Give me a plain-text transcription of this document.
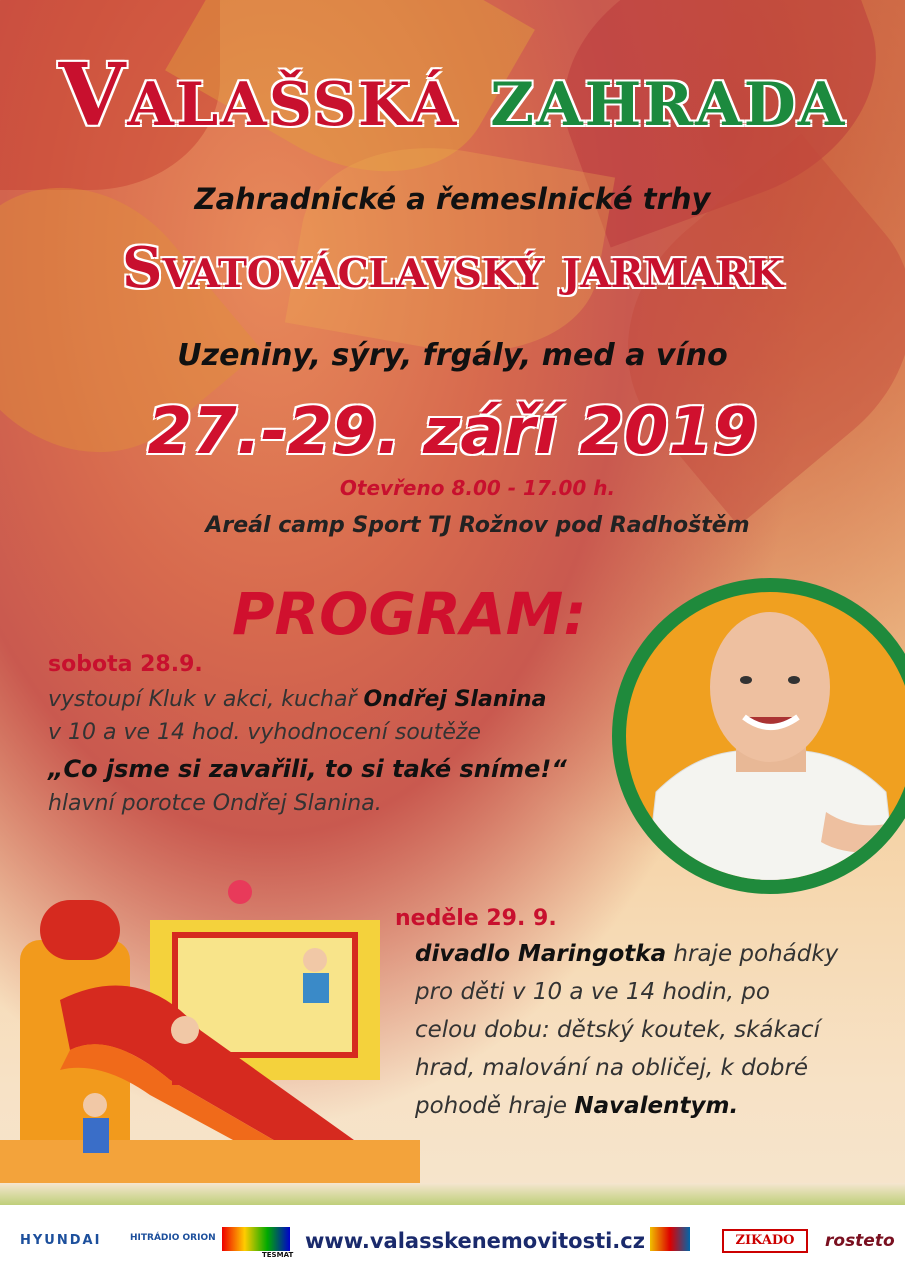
Valašská zahrada
Zahradnické a řemeslnické trhy
Svatováclavský jarmark
Uzeniny, sýry, frgály, med a víno
27.-29. září 2019
Otevřeno 8.00 - 17.00 h.
Areál camp Sport TJ Rožnov pod Radhoštěm
PROGRAM:
sobota 28.9.
vystoupí Kluk v akci, kuchař Ondřej Slanina
v 10 a ve 14 hod. vyhodnocení soutěže
„Co jsme si zavařili, to si také sníme!“
hlavní porotce Ondřej Slanina.
neděle 29. 9.
divadlo Maringotka hraje pohádky
pro děti v 10 a ve 14 hodin, po
celou dobu: dětský koutek, skákací
hrad, malování na obličej, k dobré
pohodě hraje Navalentym.
HYUNDAI	HITRÁDIO ORION
TESMAT
www.valasskenemovitosti.cz	ZIKADO	rosteto
